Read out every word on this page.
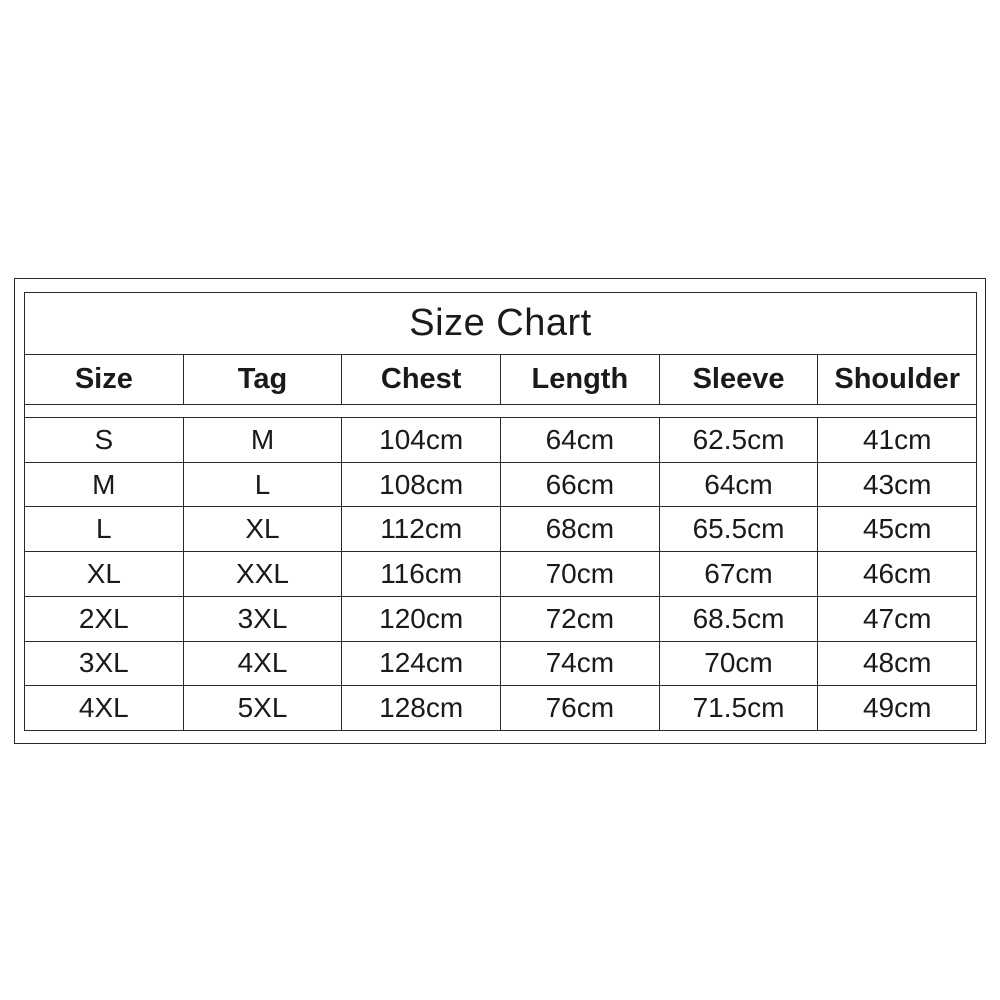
Size Chart
Size	Tag	Chest	Length	Sleeve	Shoulder
S	M	104cm	64cm	62.5cm	41cm
M	L	108cm	66cm	64cm	43cm
L	XL	112cm	68cm	65.5cm	45cm
XL	XXL	116cm	70cm	67cm	46cm
2XL	3XL	120cm	72cm	68.5cm	47cm
3XL	4XL	124cm	74cm	70cm	48cm
4XL	5XL	128cm	76cm	71.5cm	49cm
